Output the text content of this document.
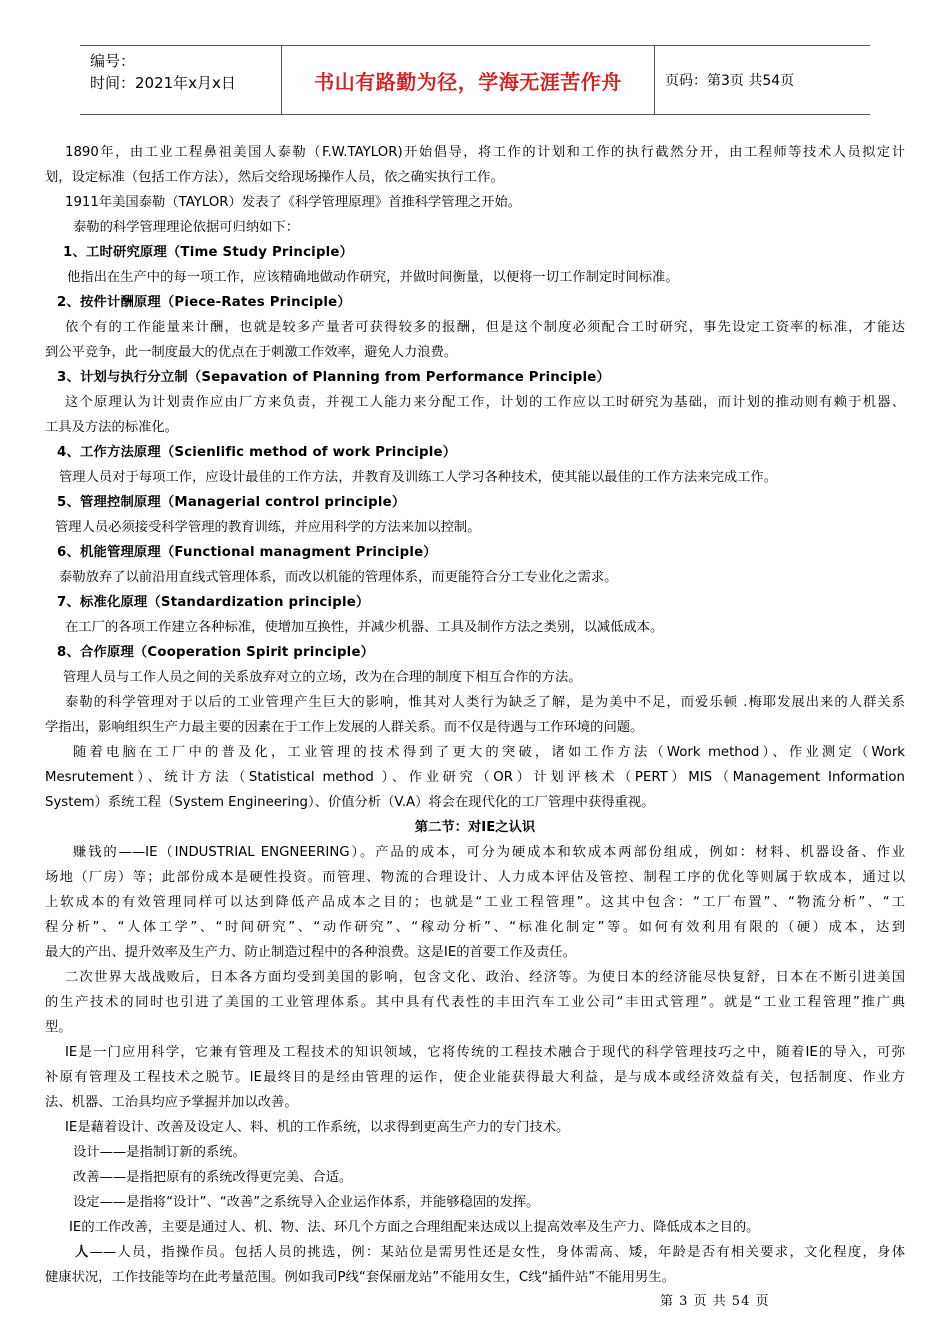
编号：
时间：2021年x月x日	书山有路勤为径，学海无涯苦作舟	页码：第3页 共54页

1890年，由工业工程鼻祖美国人泰勒（F.W.TAYLOR)开始倡导，将工作的计划和工作的执行截然分开，由工程师等技术人员拟定计

划，设定标准（包括工作方法），然后交给现场操作人员，依之确实执行工作。

1911年美国泰勒（TAYLOR）发表了《科学管理原理》首推科学管理之开始。

泰勒的科学管理理论依据可归纳如下：

1、工时研究原理（Time Study Principle）

他指出在生产中的每一项工作，应该精确地做动作研究，并做时间衡量，以便将一切工作制定时间标准。

2、按件计酬原理（Piece-Rates Principle）

依个有的工作能量来计酬，也就是较多产量者可获得较多的报酬，但是这个制度必须配合工时研究，事先设定工资率的标准，才能达

到公平竞争，此一制度最大的优点在于刺激工作效率，避免人力浪费。

3、计划与执行分立制（Sepavation of Planning from Performance Principle）

这个原理认为计划责作应由厂方来负责，并视工人能力来分配工作，计划的工作应以工时研究为基础，而计划的推动则有赖于机器、

工具及方法的标准化。

4、工作方法原理（Scienlific method of work Principle）

管理人员对于每项工作，应设计最佳的工作方法，并教育及训练工人学习各种技术，使其能以最佳的工作方法来完成工作。

5、管理控制原理（Managerial control principle）

管理人员必须接受科学管理的教育训练，并应用科学的方法来加以控制。

6、机能管理原理（Functional managment Principle）

泰勒放弃了以前沿用直线式管理体系，而改以机能的管理体系，而更能符合分工专业化之需求。

7、标准化原理（Standardization principle）

在工厂的各项工作建立各种标准，使增加互换性，并减少机器、工具及制作方法之类别，以减低成本。

8、合作原理（Cooperation Spirit principle）

管理人员与工作人员之间的关系放弃对立的立场，改为在合理的制度下相互合作的方法。

泰勒的科学管理对于以后的工业管理产生巨大的影响，惟其对人类行为缺乏了解，是为美中不足，而爱乐顿 .梅耶发展出来的人群关系

学指出，影响组织生产力最主要的因素在于工作上发展的人群关系。而不仅是待遇与工作环境的问题。

随着电脑在工厂中的普及化，工业管理的技术得到了更大的突破，诸如工作方法（Work method）、作业测定（Work

Mesrutement）、统计方法（Statistical method ）、作业研究（OR）计划评核术（PERT）MIS（Management Information

System）系统工程（System Engineering）、价值分析（V.A）将会在现代化的工厂管理中获得重视。

第二节：对IE之认识

赚钱的——IE（INDUSTRIAL ENGNEERING）。产品的成本，可分为硬成本和软成本两部份组成，例如：材料、机器设备、作业

场地（厂房）等；此部份成本是硬性投资。而管理、物流的合理设计、人力成本评估及管控、制程工序的优化等则属于软成本，通过以

上软成本的有效管理同样可以达到降低产品成本之目的；也就是“工业工程管理”。这其中包含：“工厂布置”、“物流分析”、“工

程分析”、“人体工学”、“时间研究”、“动作研究”、“稼动分析”、“标准化制定”等。如何有效利用有限的（硬）成本，达到

最大的产出、提升效率及生产力、防止制造过程中的各种浪费。这是IE的首要工作及责任。

二次世界大战战败后，日本各方面均受到美国的影响，包含文化、政治、经济等。为使日本的经济能尽快复舒，日本在不断引进美国

的生产技术的同时也引进了美国的工业管理体系。其中具有代表性的丰田汽车工业公司“丰田式管理”。就是“工业工程管理”推广典

型。

IE是一门应用科学，它兼有管理及工程技术的知识领域，它将传统的工程技术融合于现代的科学管理技巧之中，随着IE的导入，可弥

补原有管理及工程技术之脱节。IE最终目的是经由管理的运作，使企业能获得最大利益，是与成本或经济效益有关，包括制度、作业方

法、机器、工治具均应予掌握并加以改善。

IE是藉着设计、改善及设定人、料、机的工作系统，以求得到更高生产力的专门技术。

设计——是指制订新的系统。

改善——是指把原有的系统改得更完美、合适。

设定——是指将“设计”、“改善”之系统导入企业运作体系，并能够稳固的发挥。

IE的工作改善，主要是通过人、机、物、法、环几个方面之合理组配来达成以上提高效率及生产力、降低成本之目的。

人——人员，指操作员。包括人员的挑选，例：某站位是需男性还是女性，身体需高、矮，年龄是否有相关要求，文化程度，身体

健康状况，工作技能等均在此考量范围。例如我司P线“套保丽龙站”不能用女生，C线“插件站”不能用男生。

第 3 页 共 54 页
